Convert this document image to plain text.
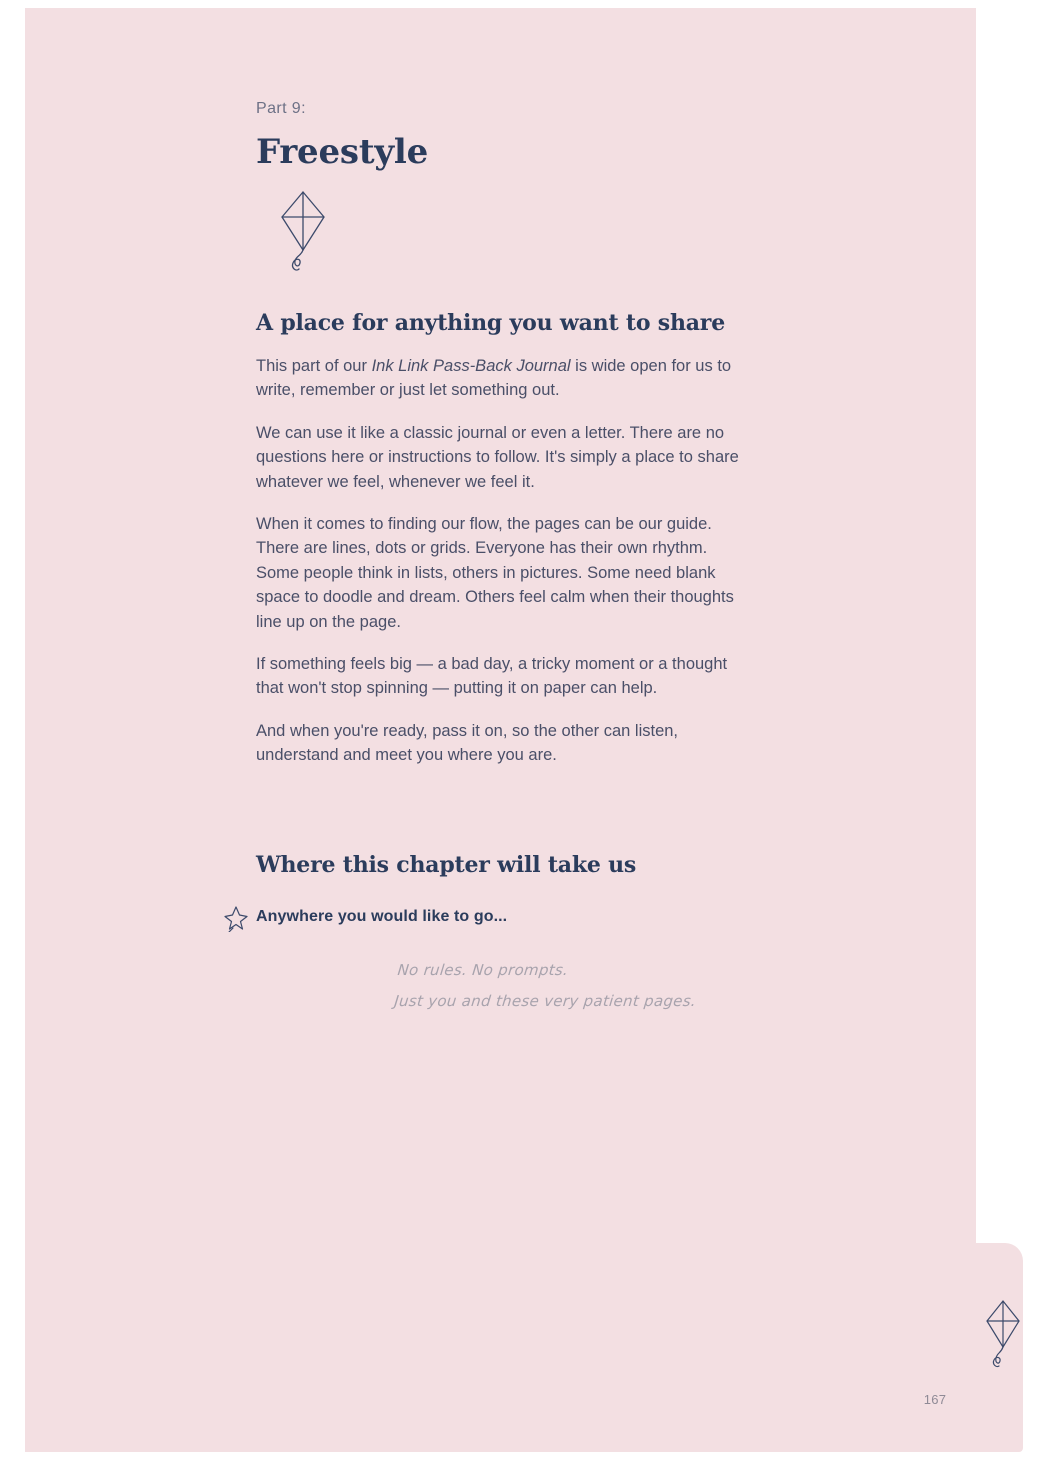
167

Part 9:

Freestyle
A place for anything you want to share

This part of our Ink Link Pass-Back Journal is wide open for us to write, remember or just let something out.

We can use it like a classic journal or even a letter. There are no questions here or instructions to follow. It's simply a place to share whatever we feel, whenever we feel it.

When it comes to finding our flow, the pages can be our guide. There are lines, dots or grids. Everyone has their own rhythm. Some people think in lists, others in pictures. Some need blank space to doodle and dream. Others feel calm when their thoughts line up on the page.

If something feels big — a bad day, a tricky moment or a thought that won't stop spinning — putting it on paper can help.

And when you're ready, pass it on, so the other can listen, understand and meet you where you are.

Where this chapter will take us
Anywhere you would like to go...
No rules. No prompts.
Just you and these very patient pages.
